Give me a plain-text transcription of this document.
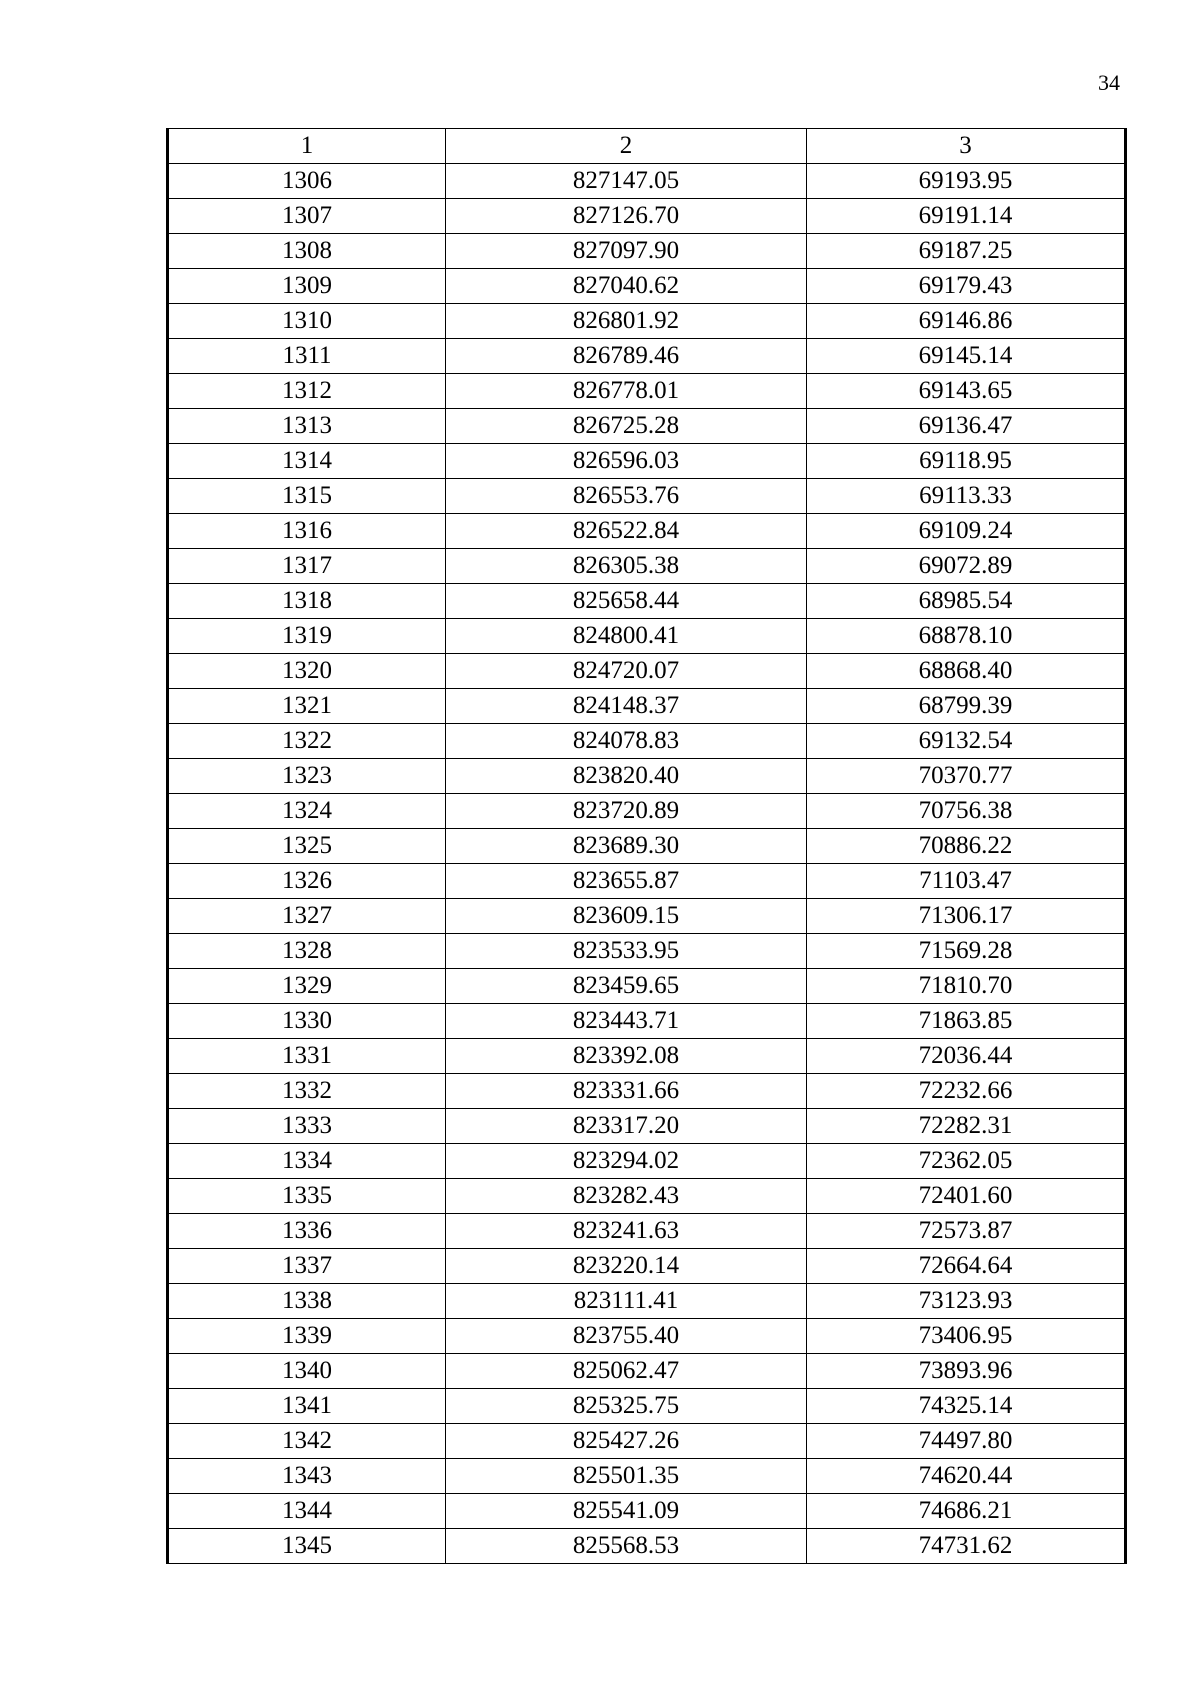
34
1	2	3
1306	827147.05	69193.95
1307	827126.70	69191.14
1308	827097.90	69187.25
1309	827040.62	69179.43
1310	826801.92	69146.86
1311	826789.46	69145.14
1312	826778.01	69143.65
1313	826725.28	69136.47
1314	826596.03	69118.95
1315	826553.76	69113.33
1316	826522.84	69109.24
1317	826305.38	69072.89
1318	825658.44	68985.54
1319	824800.41	68878.10
1320	824720.07	68868.40
1321	824148.37	68799.39
1322	824078.83	69132.54
1323	823820.40	70370.77
1324	823720.89	70756.38
1325	823689.30	70886.22
1326	823655.87	71103.47
1327	823609.15	71306.17
1328	823533.95	71569.28
1329	823459.65	71810.70
1330	823443.71	71863.85
1331	823392.08	72036.44
1332	823331.66	72232.66
1333	823317.20	72282.31
1334	823294.02	72362.05
1335	823282.43	72401.60
1336	823241.63	72573.87
1337	823220.14	72664.64
1338	823111.41	73123.93
1339	823755.40	73406.95
1340	825062.47	73893.96
1341	825325.75	74325.14
1342	825427.26	74497.80
1343	825501.35	74620.44
1344	825541.09	74686.21
1345	825568.53	74731.62
